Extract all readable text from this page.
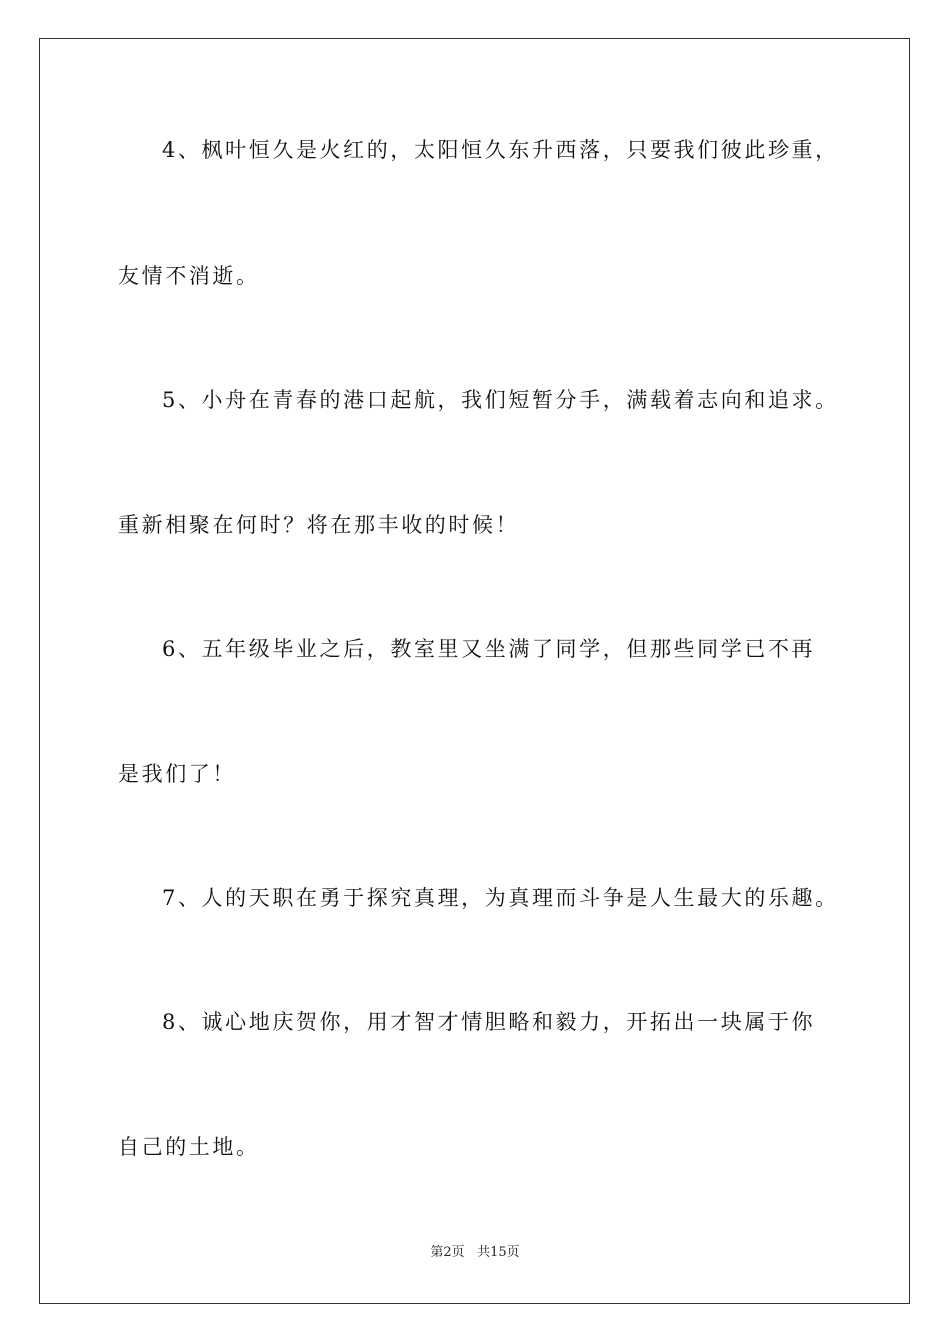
4、枫叶恒久是火红的，太阳恒久东升西落，只要我们彼此珍重，
友情不消逝。
5、小舟在青春的港口起航，我们短暂分手，满载着志向和追求。
重新相聚在何时？将在那丰收的时候！
6、五年级毕业之后，教室里又坐满了同学，但那些同学已不再
是我们了！
7、人的天职在勇于探究真理，为真理而斗争是人生最大的乐趣。
8、诚心地庆贺你，用才智才情胆略和毅力，开拓出一块属于你
自己的土地。
第2页 共15页
